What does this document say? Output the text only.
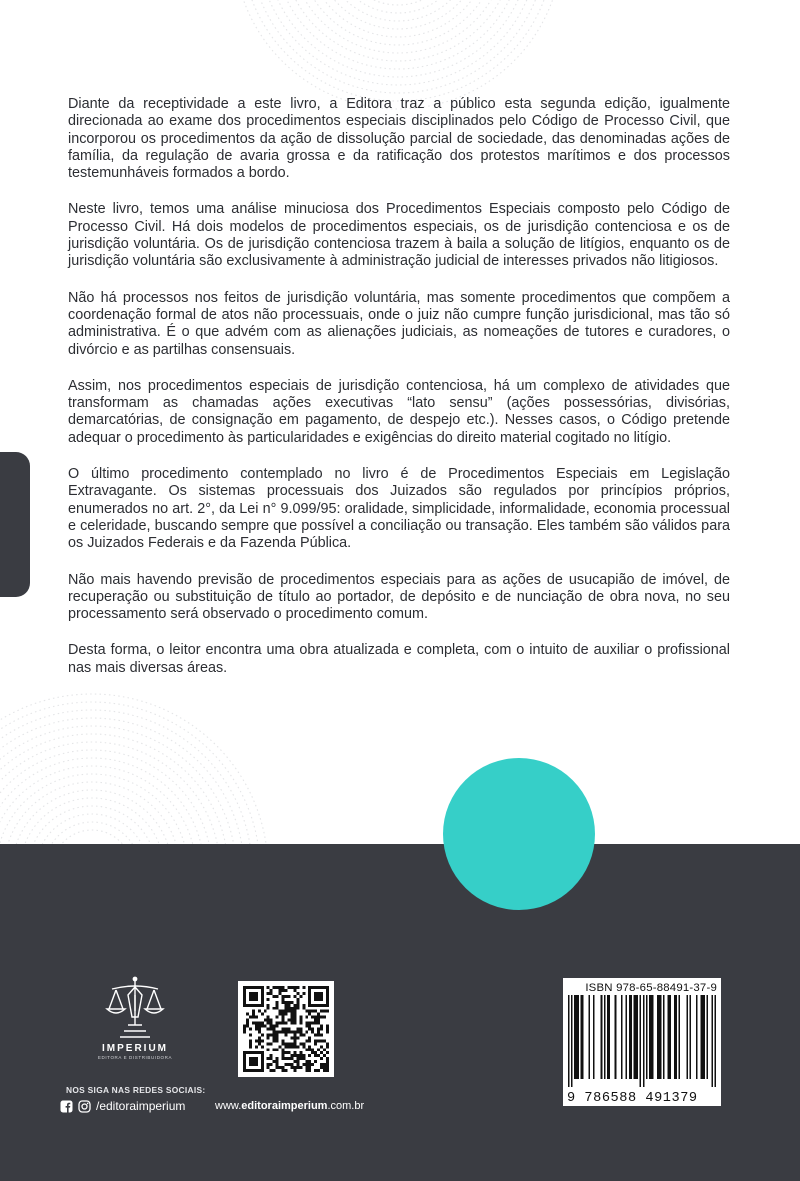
Diante da receptividade a este livro, a Editora traz a público esta segunda edição, igualmente direcionada ao exame dos procedimentos especiais disciplinados pelo Código de Processo Civil, que incorporou os procedimentos da ação de dissolução parcial de sociedade, das denominadas ações de família, da regulação de avaria grossa e da ratificação dos protestos marítimos e dos processos testemunháveis formados a bordo.

Neste livro, temos uma análise minuciosa dos Procedimentos Especiais composto pelo Código de Processo Civil. Há dois modelos de procedimentos especiais, os de jurisdição contenciosa e os de jurisdição voluntária. Os de jurisdição contenciosa trazem à baila a solução de litígios, enquanto os de jurisdição voluntária são exclusivamente à administração judicial de interesses privados não litigiosos.

Não há processos nos feitos de jurisdição voluntária, mas somente procedimentos que compõem a coordenação formal de atos não processuais, onde o juiz não cumpre função jurisdicional, mas tão só administrativa. É o que advém com as alienações judiciais, as nomeações de tutores e curadores, o divórcio e as partilhas consensuais.

Assim, nos procedimentos especiais de jurisdição contenciosa, há um complexo de atividades que transformam as chamadas ações executivas “lato sensu” (ações possessórias, divisórias, demarcatórias, de consignação em pagamento, de despejo etc.). Nesses casos, o Código pretende adequar o procedimento às particularidades e exigências do direito material cogitado no litígio.

O último procedimento contemplado no livro é de Procedimentos Especiais em Legislação Extravagante. Os sistemas processuais dos Juizados são regulados por princípios próprios, enumerados no art. 2°, da Lei n° 9.099/95: oralidade, simplicidade, informalidade, economia processual e celeridade, buscando sempre que possível a conciliação ou transação. Eles também são válidos para os Juizados Federais e da Fazenda Pública.

Não mais havendo previsão de procedimentos especiais para as ações de usucapião de imóvel, de recuperação ou substituição de título ao portador, de depósito e de nunciação de obra nova, no seu processamento será observado o procedimento comum.

Desta forma, o leitor encontra uma obra atualizada e completa, com o intuito de auxiliar o profissional nas mais diversas áreas.

IMPERIUM
EDITORA E DISTRIBUIDORA
NOS SIGA NAS REDES SOCIAIS:
/editoraimperium	www.editoraimperium.com.br
ISBN 978-65-88491-37-9
9 786588 491379
